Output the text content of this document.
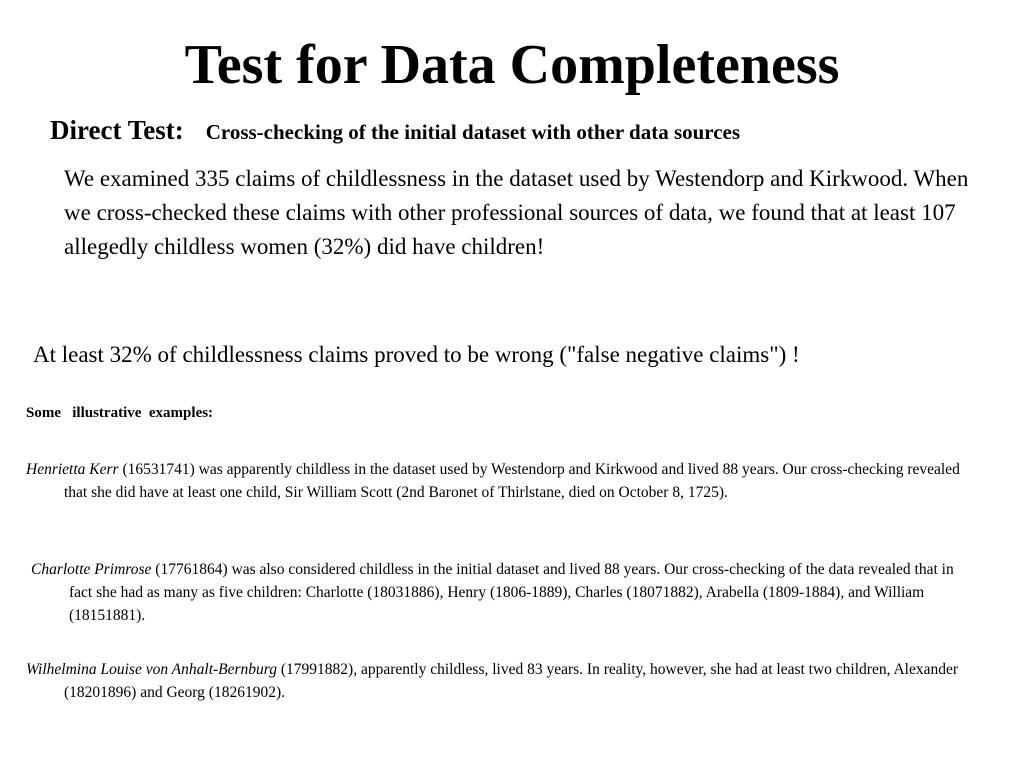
Test for Data Completeness
Direct Test: Cross-checking of the initial dataset with other data sources

We examined 335 claims of childlessness in the dataset used by Westendorp and Kirkwood. When we cross-checked these claims with other professional sources of data, we found that at least 107 allegedly childless women (32%) did have children!

At least 32% of childlessness claims proved to be wrong ("false negative claims") !

Some   illustrative  examples:

Henrietta Kerr (16531741) was apparently childless in the dataset used by Westendorp and Kirkwood and lived 88 years. Our cross-checking revealed that she did have at least one child, Sir William Scott (2nd Baronet of Thirlstane, died on October 8, 1725).

Charlotte Primrose (17761864) was also considered childless in the initial dataset and lived 88 years. Our cross-checking of the data revealed that in fact she had as many as five children: Charlotte (18031886), Henry (1806-1889), Charles (18071882), Arabella (1809-1884), and William (18151881).

Wilhelmina Louise von Anhalt-Bernburg (17991882), apparently childless, lived 83 years. In reality, however, she had at least two children, Alexander (18201896) and Georg (18261902).
